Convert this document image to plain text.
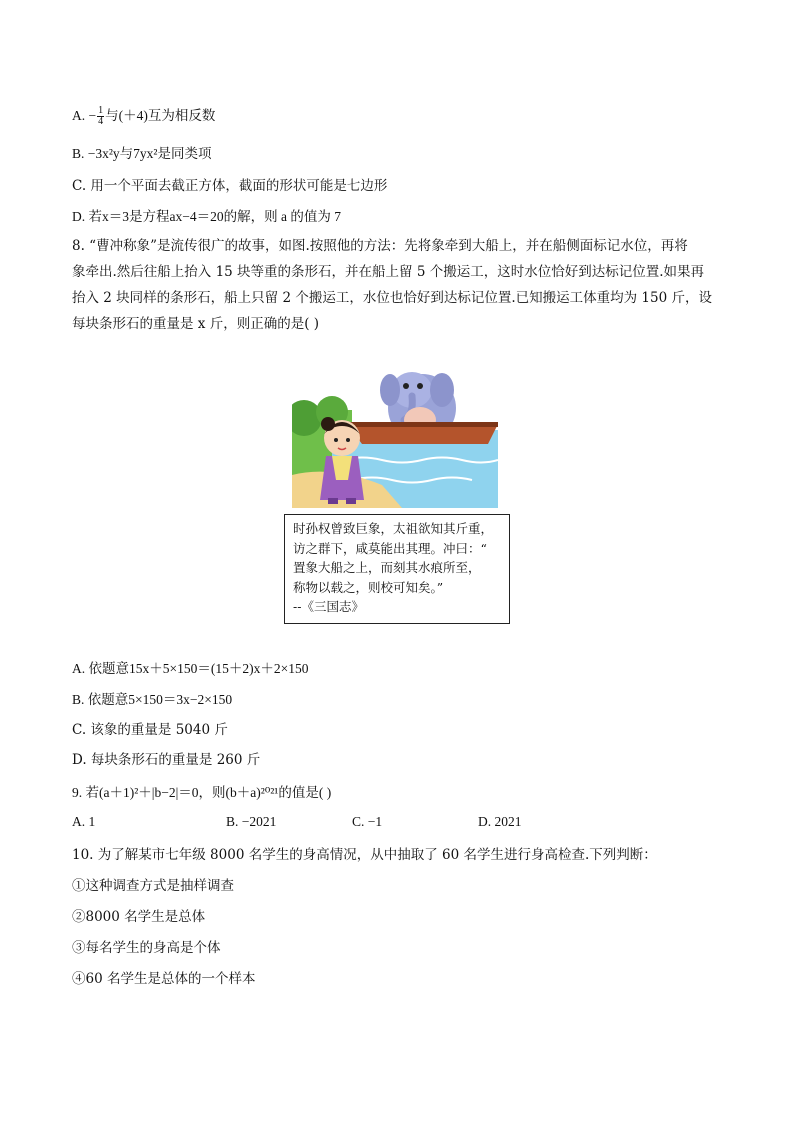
A. − $\frac{1}{4}$ 与(＋4)互为相反数
B. −3x²y与7yx²是同类项
C. 用一个平面去截正方体，截面的形状可能是七边形
D. 若x＝3是方程ax−4＝20的解，则 a 的值为 7
8. “曹冲称象”是流传很广的故事，如图.按照他的方法：先将象牵到大船上，并在船侧面标记水位，再将
象牵出.然后往船上抬入 15 块等重的条形石，并在船上留 5 个搬运工，这时水位恰好到达标记位置.如果再
抬入 2 块同样的条形石，船上只留 2 个搬运工，水位也恰好到达标记位置.已知搬运工体重均为 150 斤，设
每块条形石的重量是 x 斤，则正确的是( )
时孙权曾致巨象，太祖欲知其斤重，
访之群下，咸莫能出其理。冲曰：“
置象大船之上，而刻其水痕所至，
称物以载之，则校可知矣。”
--《三国志》
A. 依题意15x＋5×150＝(15＋2)x＋2×150
B. 依题意5×150＝3x−2×150
C. 该象的重量是 5040 斤
D. 每块条形石的重量是 260 斤
9. 若(a＋1)²＋|b−2|＝0，则(b＋a)²⁰²¹的值是( )
A. 1	B. −2021	C. −1	D. 2021
10. 为了解某市七年级 8000 名学生的身高情况，从中抽取了 60 名学生进行身高检查.下列判断：
①这种调查方式是抽样调查
②8000 名学生是总体
③每名学生的身高是个体
④60 名学生是总体的一个样本
